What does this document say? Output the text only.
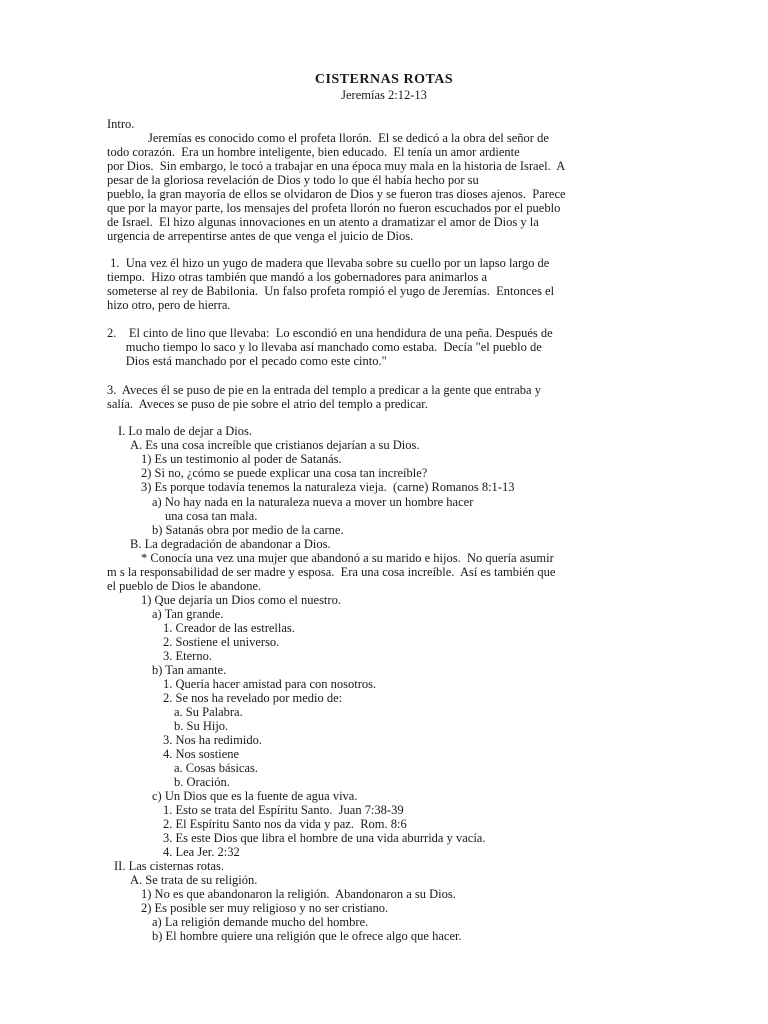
CISTERNAS ROTAS
Jeremías 2:12-13
Intro.
Jeremías es conocido como el profeta llorón.  El se dedicó a la obra del señor de
todo corazón.  Era un hombre inteligente, bien educado.  El tenía un amor ardiente
por Dios.  Sin embargo, le tocó a trabajar en una época muy mala en la historia de Israel.  A
pesar de la gloriosa revelación de Dios y todo lo que él había hecho por su
pueblo, la gran mayoría de ellos se olvidaron de Dios y se fueron tras dioses ajenos.  Parece
que por la mayor parte, los mensajes del profeta llorón no fueron escuchados por el pueblo
de Israel.  El hizo algunas innovaciones en un atento a dramatizar el amor de Dios y la
urgencia de arrepentirse antes de que venga el juicio de Dios.
1.  Una vez él hizo un yugo de madera que llevaba sobre su cuello por un lapso largo de
tiempo.  Hizo otras también que mandó a los gobernadores para animarlos a
someterse al rey de Babilonia.  Un falso profeta rompió el yugo de Jeremías.  Entonces el
hizo otro, pero de hierra.
2.    El cinto de lino que llevaba:  Lo escondió en una hendidura de una peña. Después de
mucho tiempo lo saco y lo llevaba así manchado como estaba.  Decía "el pueblo de
Dios está manchado por el pecado como este cinto."
3.  Aveces él se puso de pie en la entrada del templo a predicar a la gente que entraba y
salía.  Aveces se puso de pie sobre el atrio del templo a predicar.
I. Lo malo de dejar a Dios.
A. Es una cosa increíble que cristianos dejarían a su Dios.
1) Es un testimonio al poder de Satanás.
2) Si no, ¿cómo se puede explicar una cosa tan increíble?
3) Es porque todavía tenemos la naturaleza vieja.  (carne) Romanos 8:1-13
a) No hay nada en la naturaleza nueva a mover un hombre hacer
una cosa tan mala.
b) Satanás obra por medio de la carne.
B. La degradación de abandonar a Dios.
* Conocía una vez una mujer que abandonó a su marido e hijos.  No quería asumir
m s la responsabilidad de ser madre y esposa.  Era una cosa increíble.  Así es también que
el pueblo de Dios le abandone.
1) Que dejaría un Dios como el nuestro.
a) Tan grande.
1. Creador de las estrellas.
2. Sostiene el universo.
3. Eterno.
b) Tan amante.
1. Quería hacer amistad para con nosotros.
2. Se nos ha revelado por medio de:
a. Su Palabra.
b. Su Hijo.
3. Nos ha redimido.
4. Nos sostiene
a. Cosas básicas.
b. Oración.
c) Un Dios que es la fuente de agua viva.
1. Esto se trata del Espíritu Santo.  Juan 7:38-39
2. El Espíritu Santo nos da vida y paz.  Rom. 8:6
3. Es este Dios que libra el hombre de una vida aburrida y vacía.
4. Lea Jer. 2:32
II. Las cisternas rotas.
A. Se trata de su religión.
1) No es que abandonaron la religión.  Abandonaron a su Dios.
2) Es posible ser muy religioso y no ser cristiano.
a) La religión demande mucho del hombre.
b) El hombre quiere una religión que le ofrece algo que hacer.
